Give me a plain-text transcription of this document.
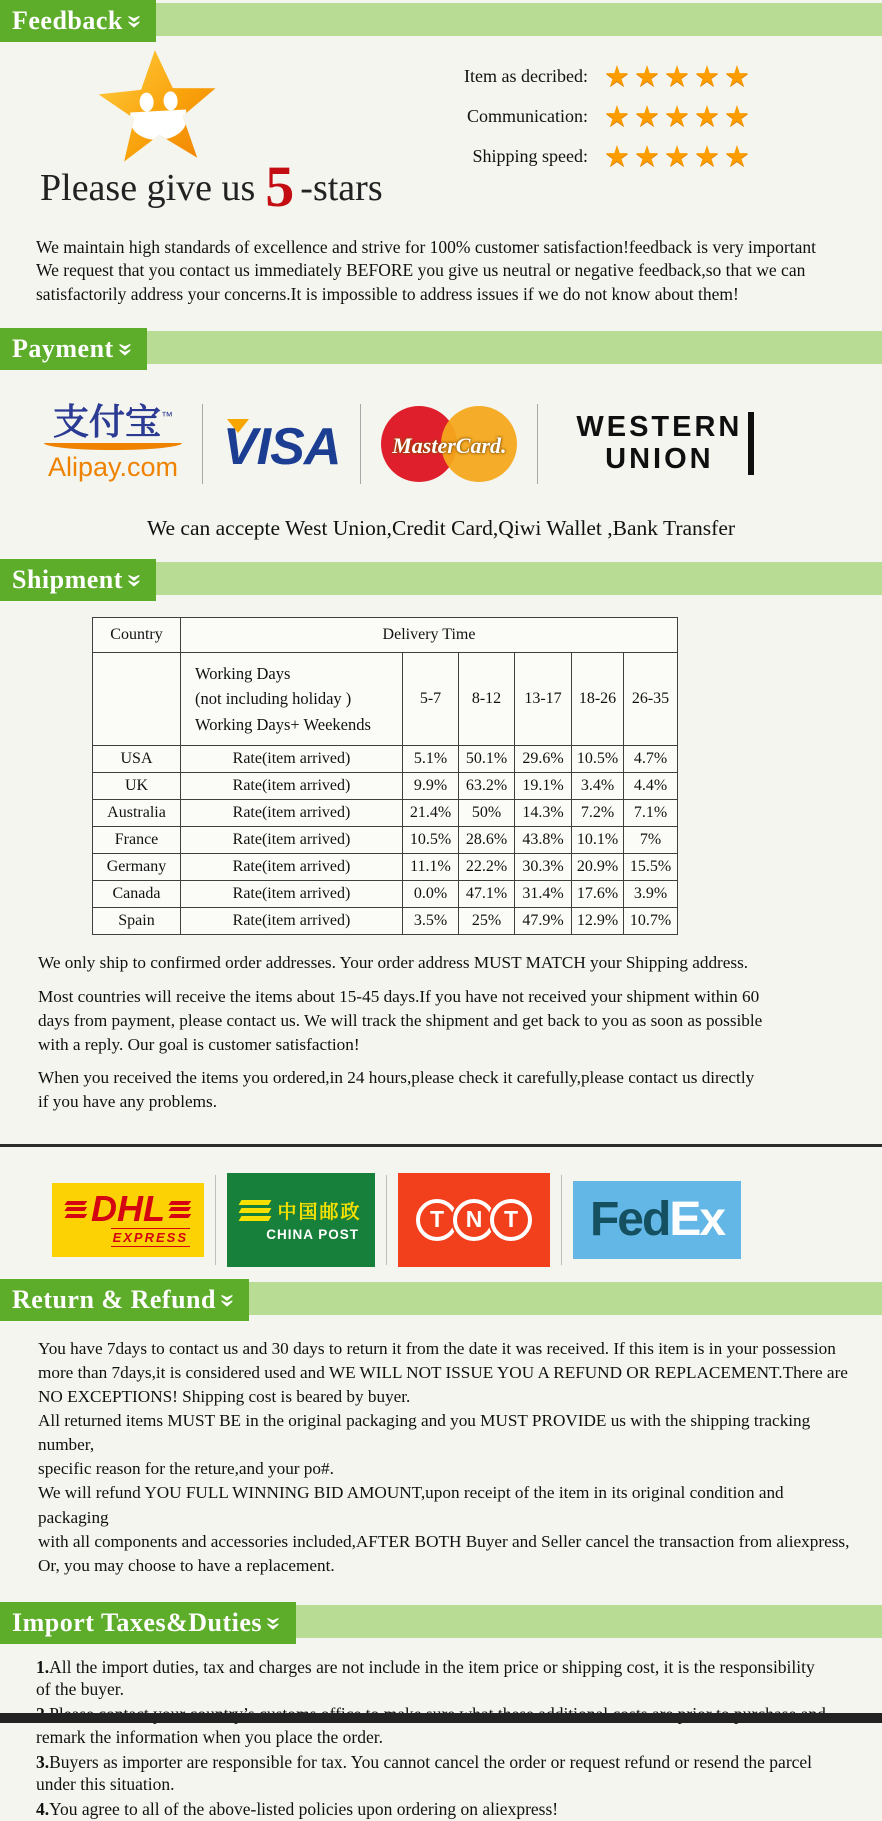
Feedback
»
Please give us 5 -stars
Item as decribed: ★★★★★
Communication: ★★★★★
Shipping speed: ★★★★★
We maintain high standards of excellence and strive for 100% customer satisfaction!feedback is very important
We request that you contact us immediately BEFORE you give us neutral or negative feedback,so that we can
satisfactorily address your concerns.It is impossible to address issues if we do not know about them!
Payment
»
支付宝™
Alipay.com VISA	MasterCard.
WESTERN
UNION
We can accepte West Union,Credit Card,Qiwi Wallet ,Bank Transfer
Shipment
»
Country	Delivery Time					

	Working Days
(not including holiday )
Working Days+ Weekends	5-7	8-12	13-17	18-26	26-35
USA	Rate(item arrived)	5.1%	50.1%	29.6%	10.5%	4.7%
UK	Rate(item arrived)	9.9%	63.2%	19.1%	3.4%	4.4%
Australia	Rate(item arrived)	21.4%	50%	14.3%	7.2%	7.1%
France	Rate(item arrived)	10.5%	28.6%	43.8%	10.1%	7%
Germany	Rate(item arrived)	11.1%	22.2%	30.3%	20.9%	15.5%
Canada	Rate(item arrived)	0.0%	47.1%	31.4%	17.6%	3.9%
Spain	Rate(item arrived)	3.5%	25%	47.9%	12.9%	10.7%
We only ship to confirmed order addresses. Your order address MUST MATCH your Shipping address.
Most countries will receive the items about 15-45 days.If you have not received your shipment within 60
days from payment, please contact us. We will track the shipment and get back to you as soon as possible
with a reply. Our goal is customer satisfaction!
When you received the items you ordered,in 24 hours,please check it carefully,please contact us directly
if you have any problems.
DHL
EXPRESS
中国邮政
CHINA POST
T N T Fed Ex
Return & Refund
»
You have 7days to contact us and 30 days to return it from the date it was received. If this item is in your possession
more than 7days,it is considered used and WE WILL NOT ISSUE YOU A REFUND OR REPLACEMENT.There are
NO EXCEPTIONS! Shipping cost is beared by buyer.
All returned items MUST BE in the original packaging and you MUST PROVIDE us with the shipping tracking number,
specific reason for the reture,and your po#.
We will refund YOU FULL WINNING BID AMOUNT,upon receipt of the item in its original condition and packaging
with all components and accessories included,AFTER BOTH Buyer and Seller cancel the transaction from aliexpress,
Or, you may choose to have a replacement.
Import Taxes&Duties
»
1.All the import duties, tax and charges are not include in the item price or shipping cost, it is the responsibility
of the buyer.
remark the information when you place the order.
3.Buyers as importer are responsible for tax. You cannot cancel the order or request refund or resend the parcel
under this situation.
4.You agree to all of the above-listed policies upon ordering on aliexpress!
